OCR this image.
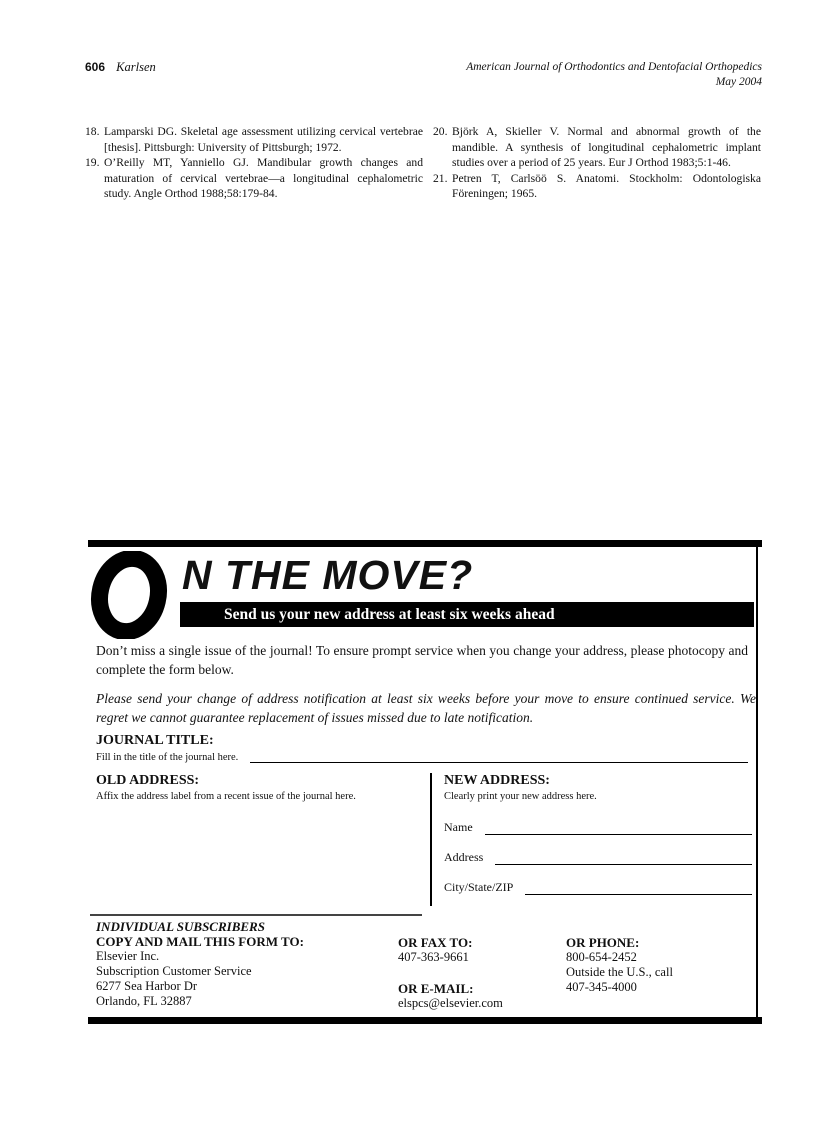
606 Karlsen	American Journal of Orthodontics and Dentofacial Orthopedics
May 2004
18. Lamparski DG. Skeletal age assessment utilizing cervical vertebrae [thesis]. Pittsburgh: University of Pittsburgh; 1972.
19. O’Reilly MT, Yanniello GJ. Mandibular growth changes and maturation of cervical vertebrae—a longitudinal cephalometric study. Angle Orthod 1988;58:179-84.
20. Björk A, Skieller V. Normal and abnormal growth of the mandible. A synthesis of longitudinal cephalometric implant studies over a period of 25 years. Eur J Orthod 1983;5:1-46.
21. Petren T, Carlsöö S. Anatomi. Stockholm: Odontologiska Föreningen; 1965.
N THE MOVE?
Send us your new address at least six weeks ahead
Don’t miss a single issue of the journal! To ensure prompt service when you change your address, please photocopy and complete the form below.
Please send your change of address notification at least six weeks before your move to ensure continued service. We regret we cannot guarantee replacement of issues missed due to late notification.
JOURNAL TITLE:
Fill in the title of the journal here.
OLD ADDRESS:
Affix the address label from a recent issue of the journal here.
NEW ADDRESS:
Clearly print your new address here.
Name
Address
City/State/ZIP
INDIVIDUAL SUBSCRIBERS
COPY AND MAIL THIS FORM TO:
Elsevier Inc.
Subscription Customer Service
6277 Sea Harbor Dr
Orlando, FL 32887
OR FAX TO:
407-363-9661
OR E-MAIL:
elspcs@elsevier.com
OR PHONE:
800-654-2452
Outside the U.S., call
407-345-4000
